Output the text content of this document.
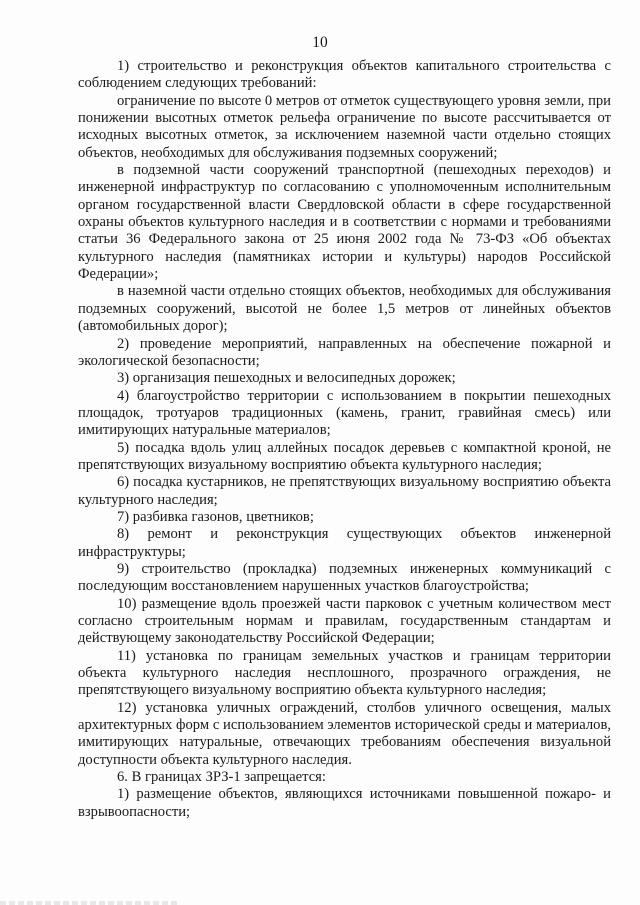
10

1) строительство и реконструкция объектов капитального строительства с соблюдением следующих требований:

ограничение по высоте 0 метров от отметок существующего уровня земли, при понижении высотных отметок рельефа ограничение по высоте рассчитывается от исходных высотных отметок, за исключением наземной части отдельно стоящих объектов, необходимых для обслуживания подземных сооружений;

в подземной части сооружений транспортной (пешеходных переходов) и инженерной инфраструктур по согласованию с уполномоченным исполнительным органом государственной власти Свердловской области в сфере государственной охраны объектов культурного наследия и в соответствии с нормами и требованиями статьи 36 Федерального закона от 25 июня 2002 года № 73-ФЗ «Об объектах культурного наследия (памятниках истории и культуры) народов Российской Федерации»;

в наземной части отдельно стоящих объектов, необходимых для обслуживания подземных сооружений, высотой не более 1,5 метров от линейных объектов (автомобильных дорог);

2) проведение мероприятий, направленных на обеспечение пожарной и экологической безопасности;

3) организация пешеходных и велосипедных дорожек;

4) благоустройство территории с использованием в покрытии пешеходных площадок, тротуаров традиционных (камень, гранит, гравийная смесь) или имитирующих натуральные материалов;

5) посадка вдоль улиц аллейных посадок деревьев с компактной кроной, не препятствующих визуальному восприятию объекта культурного наследия;

6) посадка кустарников, не препятствующих визуальному восприятию объекта культурного наследия;

7) разбивка газонов, цветников;

8) ремонт и реконструкция существующих объектов инженерной инфраструктуры;

9) строительство (прокладка) подземных инженерных коммуникаций с последующим восстановлением нарушенных участков благоустройства;

10) размещение вдоль проезжей части парковок с учетным количеством мест согласно строительным нормам и правилам, государственным стандартам и действующему законодательству Российской Федерации;

11) установка по границам земельных участков и границам территории объекта культурного наследия несплошного, прозрачного ограждения, не препятствующего визуальному восприятию объекта культурного наследия;

12) установка уличных ограждений, столбов уличного освещения, малых архитектурных форм с использованием элементов исторической среды и материалов, имитирующих натуральные, отвечающих требованиям обеспечения визуальной доступности объекта культурного наследия.

6. В границах ЗРЗ-1 запрещается:

1) размещение объектов, являющихся источниками повышенной пожаро- и взрывоопасности;
